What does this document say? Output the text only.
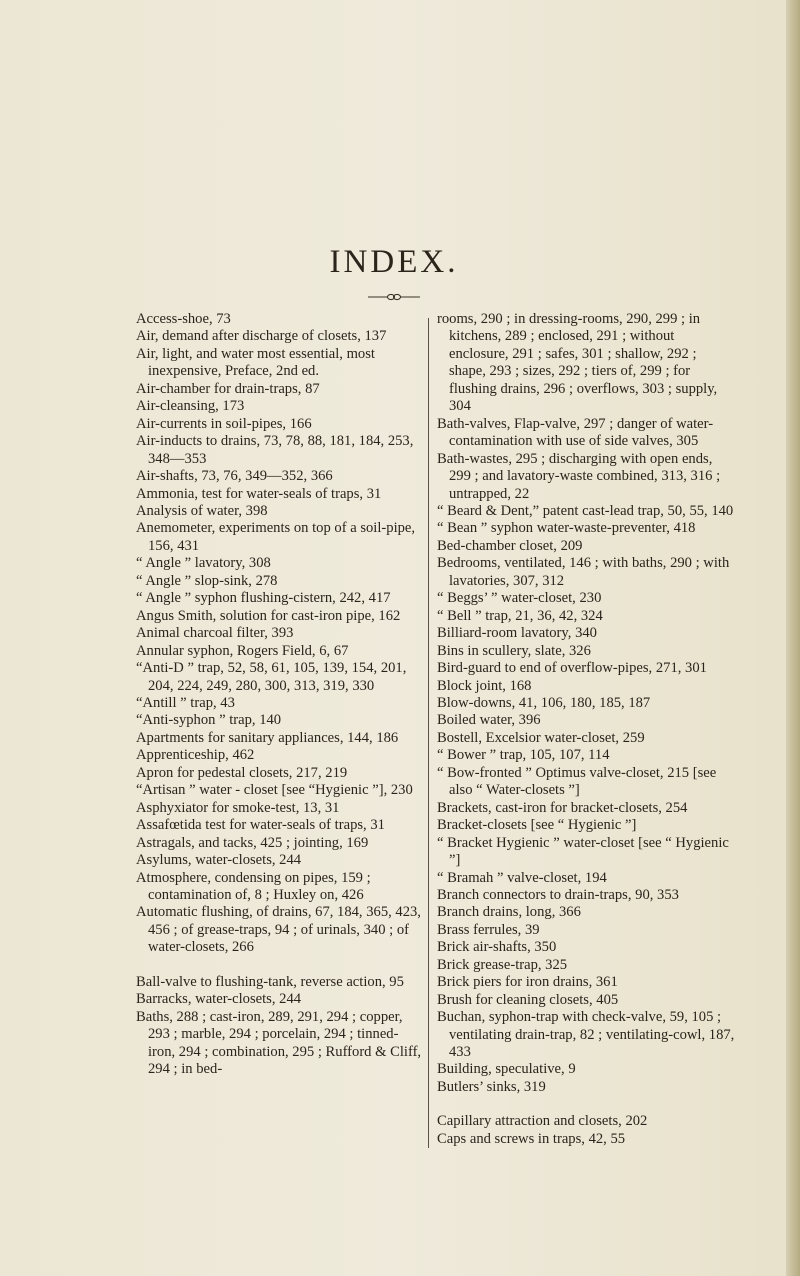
INDEX.
Access-shoe, 73
Air, demand after discharge of closets, 137
Air, light, and water most essential, most inexpensive, Preface, 2nd ed.
Air-chamber for drain-traps, 87
Air-cleansing, 173
Air-currents in soil-pipes, 166
Air-inducts to drains, 73, 78, 88, 181, 184, 253, 348—353
Air-shafts, 73, 76, 349—352, 366
Ammonia, test for water-seals of traps, 31
Analysis of water, 398
Anemometer, experiments on top of a soil-pipe, 156, 431
“ Angle ” lavatory, 308
“ Angle ” slop-sink, 278
“ Angle ” syphon flushing-cistern, 242, 417
Angus Smith, solution for cast-iron pipe, 162
Animal charcoal filter, 393
Annular syphon, Rogers Field, 6, 67
“Anti-D ” trap, 52, 58, 61, 105, 139, 154, 201, 204, 224, 249, 280, 300, 313, 319, 330
“Antill ” trap, 43
“Anti-syphon ” trap, 140
Apartments for sanitary appliances, 144, 186
Apprenticeship, 462
Apron for pedestal closets, 217, 219
“Artisan ” water - closet [see “Hygienic ”], 230
Asphyxiator for smoke-test, 13, 31
Assafœtida test for water-seals of traps, 31
Astragals, and tacks, 425 ; jointing, 169
Asylums, water-closets, 244
Atmosphere, condensing on pipes, 159 ; contamination of, 8 ; Huxley on, 426
Automatic flushing, of drains, 67, 184, 365, 423, 456 ; of grease-traps, 94 ; of urinals, 340 ; of water-closets, 266
Ball-valve to flushing-tank, reverse action, 95
Barracks, water-closets, 244
Baths, 288 ; cast-iron, 289, 291, 294 ; copper, 293 ; marble, 294 ; porcelain, 294 ; tinned-iron, 294 ; combination, 295 ; Rufford & Cliff, 294 ; in bed-
rooms, 290 ; in dressing-rooms, 290, 299 ; in kitchens, 289 ; enclosed, 291 ; without enclosure, 291 ; safes, 301 ; shallow, 292 ; shape, 293 ; sizes, 292 ; tiers of, 299 ; for flushing drains, 296 ; overflows, 303 ; supply, 304
Bath-valves, Flap-valve, 297 ; danger of water-contamination with use of side valves, 305
Bath-wastes, 295 ; discharging with open ends, 299 ; and lavatory-waste combined, 313, 316 ; untrapped, 22
“ Beard & Dent,” patent cast-lead trap, 50, 55, 140
“ Bean ” syphon water-waste-preventer, 418
Bed-chamber closet, 209
Bedrooms, ventilated, 146 ; with baths, 290 ; with lavatories, 307, 312
“ Beggs’ ” water-closet, 230
“ Bell ” trap, 21, 36, 42, 324
Billiard-room lavatory, 340
Bins in scullery, slate, 326
Bird-guard to end of overflow-pipes, 271, 301
Block joint, 168
Blow-downs, 41, 106, 180, 185, 187
Boiled water, 396
Bostell, Excelsior water-closet, 259
“ Bower ” trap, 105, 107, 114
“ Bow-fronted ” Optimus valve-closet, 215 [see also “ Water-closets ”]
Brackets, cast-iron for bracket-closets, 254
Bracket-closets [see “ Hygienic ”]
“ Bracket Hygienic ” water-closet [see “ Hygienic ”]
“ Bramah ” valve-closet, 194
Branch connectors to drain-traps, 90, 353
Branch drains, long, 366
Brass ferrules, 39
Brick air-shafts, 350
Brick grease-trap, 325
Brick piers for iron drains, 361
Brush for cleaning closets, 405
Buchan, syphon-trap with check-valve, 59, 105 ; ventilating drain-trap, 82 ; ventilating-cowl, 187, 433
Building, speculative, 9
Butlers’ sinks, 319
Capillary attraction and closets, 202
Caps and screws in traps, 42, 55
